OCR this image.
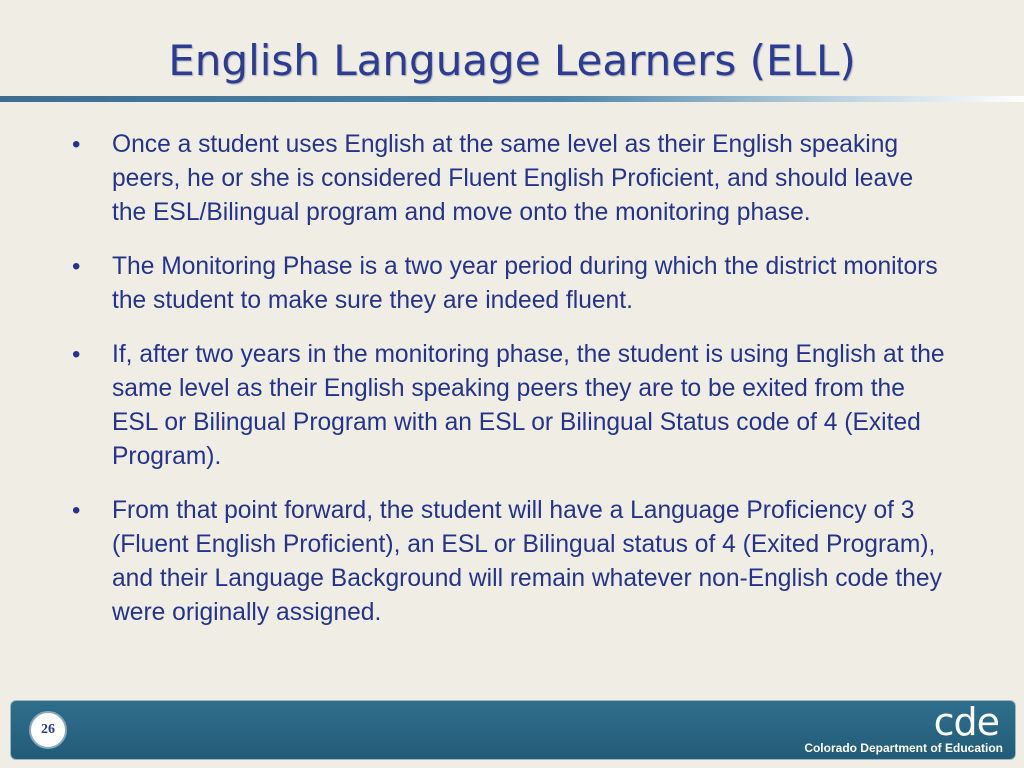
English Language Learners (ELL)
•	Once a student uses English at the same level as their English speaking peers, he or she is considered Fluent English Proficient, and should leave the ESL/Bilingual program and move onto the monitoring phase.
•	The Monitoring Phase is a two year period during which the district monitors the student to make sure they are indeed fluent.
•	If, after two years in the monitoring phase, the student is using English at the same level as their English speaking peers they are to be exited from the ESL or Bilingual Program with an ESL or Bilingual Status code of 4 (Exited Program).
•	From that point forward, the student will have a Language Proficiency of 3 (Fluent English Proficient), an ESL or Bilingual status of 4 (Exited Program), and their Language Background will remain whatever non-English code they were originally assigned.
26	cde
Colorado Department of Education
